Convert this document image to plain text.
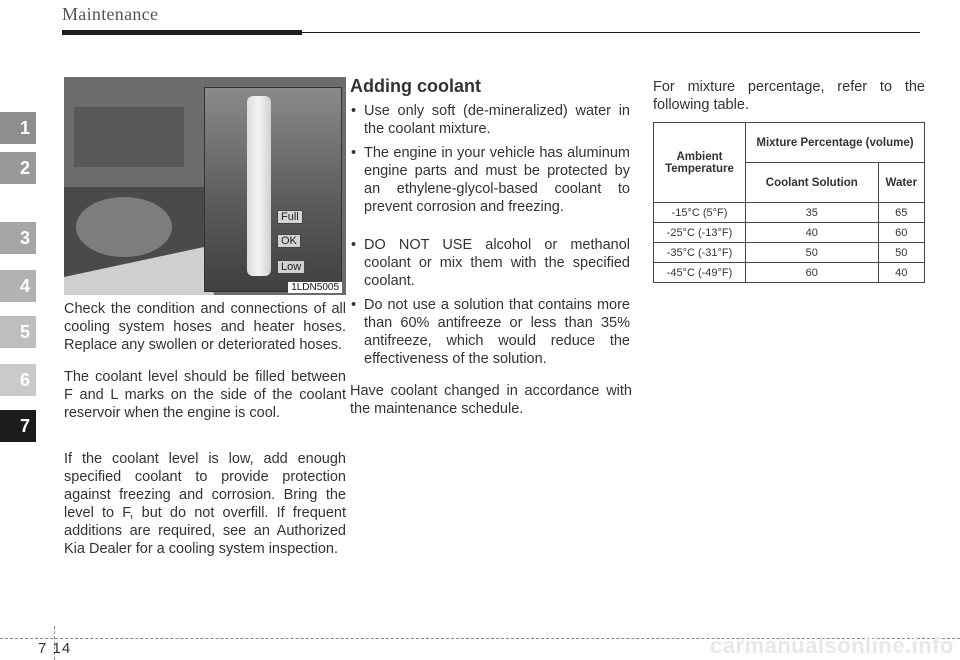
Maintenance
1
2
3
4
5
6
7
Full
OK
Low
1LDN5005
Check the condition and connections of all cooling system hoses and heater hoses. Replace any swollen or deteriorated hoses.
The coolant level should be filled between F and L marks on the side of the coolant reservoir when the engine is cool.
If the coolant level is low, add enough specified coolant to provide protection against freezing and corrosion. Bring the level to F, but do not overfill. If frequent additions are required, see an Authorized Kia Dealer for a cooling system inspection.
Adding coolant
• Use only soft (de-mineralized) water in the coolant mixture.
• The engine in your vehicle has aluminum engine parts and must be protected by an ethylene-glycol-based coolant to prevent corrosion and freezing.
• DO NOT USE alcohol or methanol coolant or mix them with the specified coolant.
• Do not use a solution that contains more than 60% antifreeze or less than 35% antifreeze, which would reduce the effectiveness of the solution.
Have coolant changed in accordance with the maintenance schedule.
For mixture percentage, refer to the following table.
Ambient Temperature	Mixture Percentage (volume)	
	Coolant Solution	Water
-15°C (5°F)	35	65
-25°C (-13°F)	40	60
-35°C (-31°F)	50	50
-45°C (-49°F)	60	40
7 14	carmanualsonline.info
